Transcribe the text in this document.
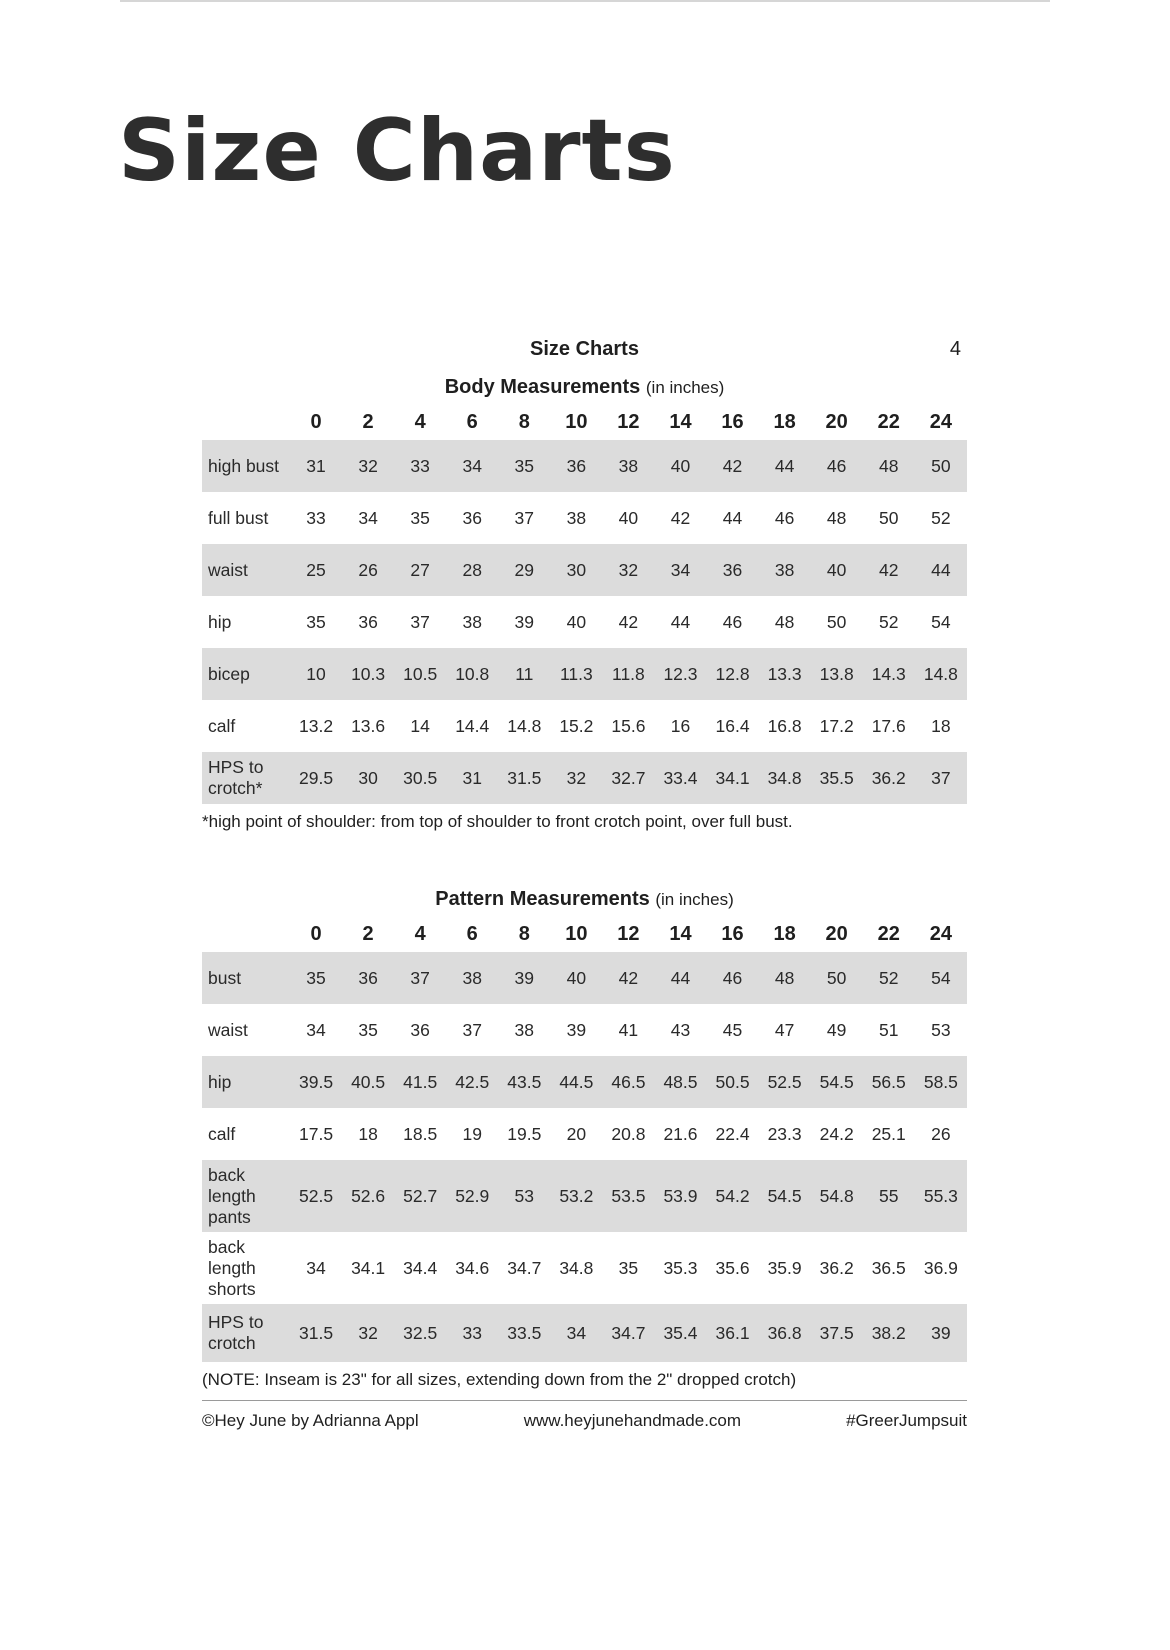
Size Charts
Size Charts	4
Body Measurements (in inches)
	0	2	4	6	8	10	12	14	16	18	20	22	24
high bust	31	32	33	34	35	36	38	40	42	44	46	48	50
full bust	33	34	35	36	37	38	40	42	44	46	48	50	52
waist	25	26	27	28	29	30	32	34	36	38	40	42	44
hip	35	36	37	38	39	40	42	44	46	48	50	52	54
bicep	10	10.3	10.5	10.8	11	11.3	11.8	12.3	12.8	13.3	13.8	14.3	14.8
calf	13.2	13.6	14	14.4	14.8	15.2	15.6	16	16.4	16.8	17.2	17.6	18
HPS to crotch*	29.5	30	30.5	31	31.5	32	32.7	33.4	34.1	34.8	35.5	36.2	37
*high point of shoulder: from top of shoulder to front crotch point, over full bust.
Pattern Measurements (in inches)
	0	2	4	6	8	10	12	14	16	18	20	22	24
bust	35	36	37	38	39	40	42	44	46	48	50	52	54
waist	34	35	36	37	38	39	41	43	45	47	49	51	53
hip	39.5	40.5	41.5	42.5	43.5	44.5	46.5	48.5	50.5	52.5	54.5	56.5	58.5
calf	17.5	18	18.5	19	19.5	20	20.8	21.6	22.4	23.3	24.2	25.1	26
back length pants	52.5	52.6	52.7	52.9	53	53.2	53.5	53.9	54.2	54.5	54.8	55	55.3
back length shorts	34	34.1	34.4	34.6	34.7	34.8	35	35.3	35.6	35.9	36.2	36.5	36.9
HPS to crotch	31.5	32	32.5	33	33.5	34	34.7	35.4	36.1	36.8	37.5	38.2	39
(NOTE: Inseam is 23" for all sizes, extending down from the 2" dropped crotch)
©Hey June by Adrianna Appl	www.heyjunehandmade.com	#GreerJumpsuit
